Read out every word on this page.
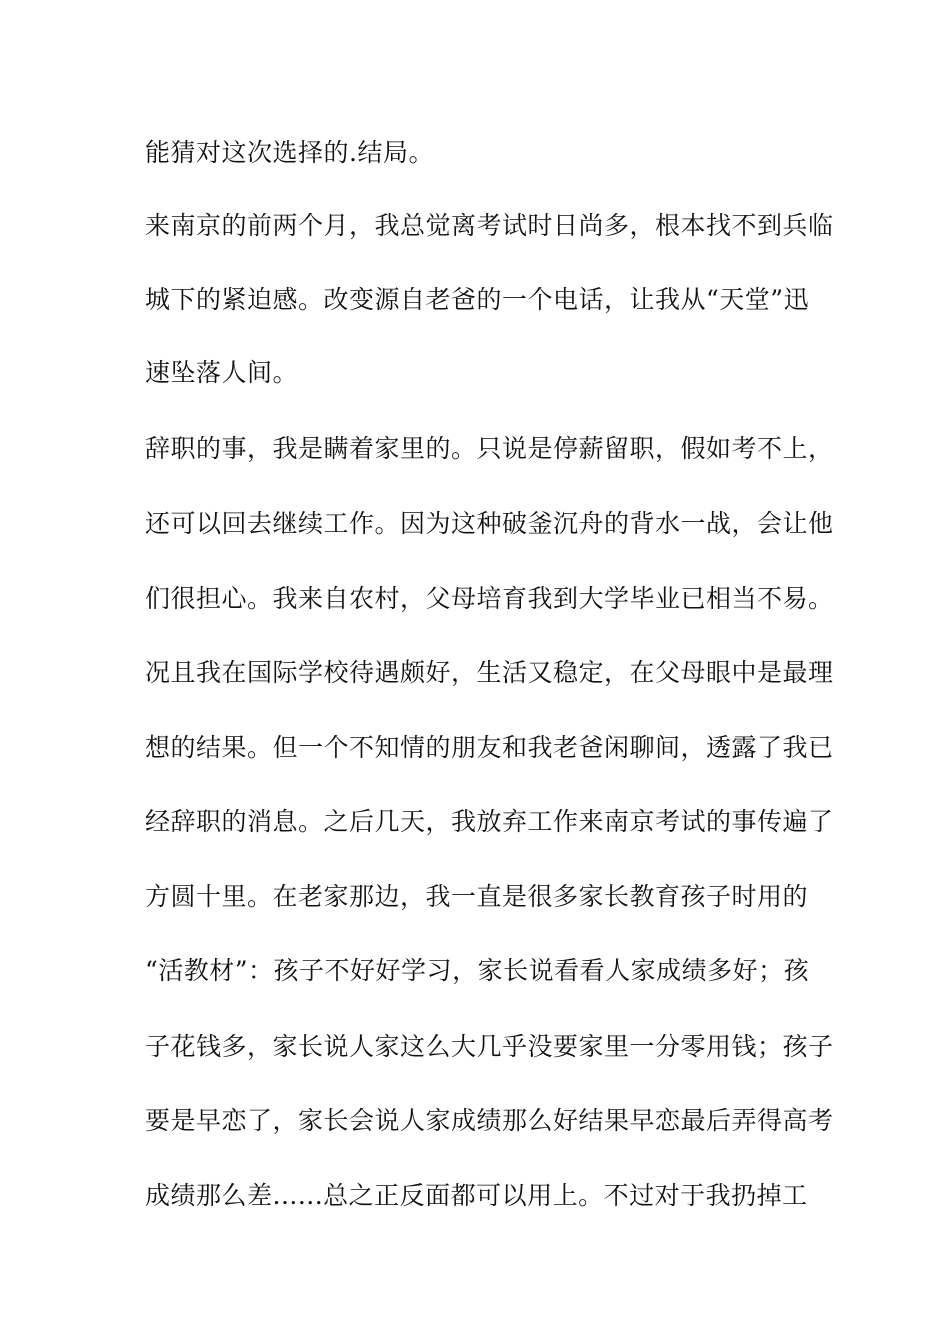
能猜对这次选择的.结局。
来南京的前两个月，我总觉离考试时日尚多，根本找不到兵临
城下的紧迫感。改变源自老爸的一个电话，让我从“天堂”迅
速坠落人间。
辞职的事，我是瞒着家里的。只说是停薪留职，假如考不上，
还可以回去继续工作。因为这种破釜沉舟的背水一战，会让他
们很担心。我来自农村，父母培育我到大学毕业已相当不易。
况且我在国际学校待遇颇好，生活又稳定，在父母眼中是最理
想的结果。但一个不知情的朋友和我老爸闲聊间，透露了我已
经辞职的消息。之后几天，我放弃工作来南京考试的事传遍了
方圆十里。在老家那边，我一直是很多家长教育孩子时用的
“活教材”：孩子不好好学习，家长说看看人家成绩多好；孩
子花钱多，家长说人家这么大几乎没要家里一分零用钱；孩子
要是早恋了，家长会说人家成绩那么好结果早恋最后弄得高考
成绩那么差......总之正反面都可以用上。不过对于我扔掉工
